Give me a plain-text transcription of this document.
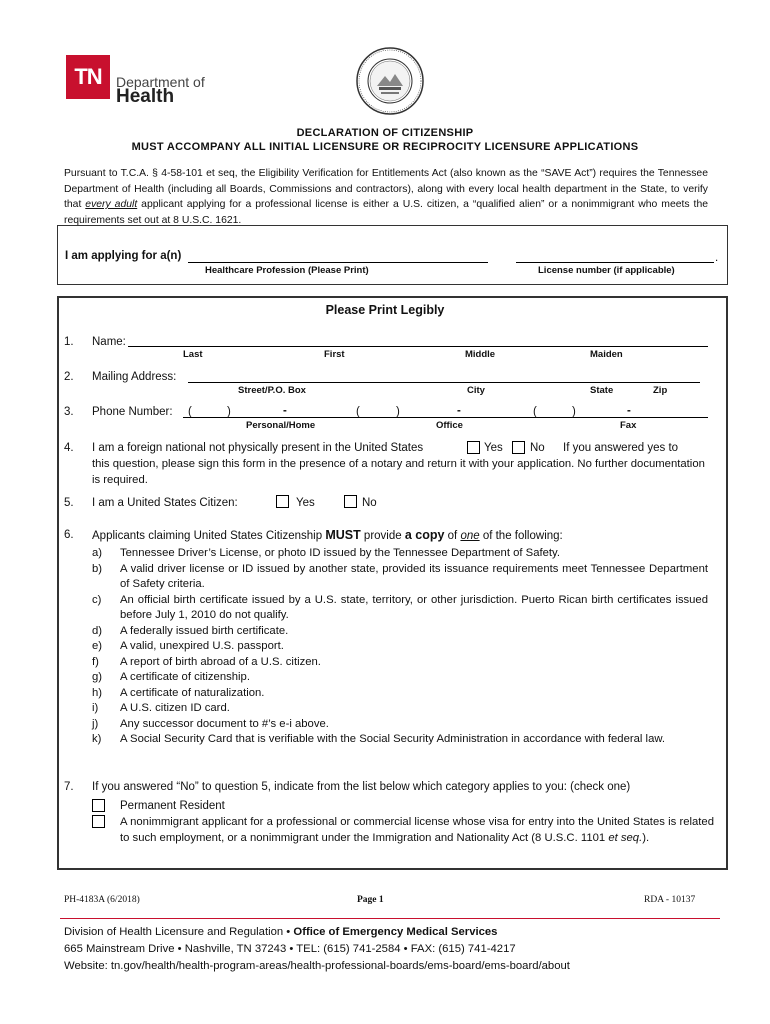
TN	Department of
Health
DECLARATION OF CITIZENSHIP
MUST ACCOMPANY ALL INITIAL LICENSURE OR RECIPROCITY LICENSURE APPLICATIONS
Pursuant to T.C.A. § 4-58-101 et seq, the Eligibility Verification for Entitlements Act (also known as the “SAVE Act”) requires the Tennessee Department of Health (including all Boards, Commissions and contractors), along with every local health department in the State, to verify that every adult applicant applying for a professional license is either a U.S. citizen, a “qualified alien” or a nonimmigrant who meets the requirements set out at 8 U.S.C. 1621.
I am applying for a(n)	.
Healthcare Profession (Please Print)	License number (if applicable)
Please Print Legibly
1. Name:
Last	First	Middle	Maiden
2. Mailing Address:
Street/P.O. Box	City	State	Zip
3. Phone Number: (	)	-	(	)	-	(	)	-
Personal/Home	Office	Fax
4. I am a foreign national not physically present in the United States	Yes No If you answered yes to
this question, please sign this form in the presence of a notary and return it with your application. No further documentation is required.
5. I am a United States Citizen:	Yes	No
6. Applicants claiming United States Citizenship MUST provide a copy of one of the following:
a)	Tennessee Driver’s License, or photo ID issued by the Tennessee Department of Safety.
b)	A valid driver license or ID issued by another state, provided its issuance requirements meet Tennessee Department of Safety criteria.
c)	An official birth certificate issued by a U.S. state, territory, or other jurisdiction. Puerto Rican birth certificates issued before July 1, 2010 do not qualify.
d)	A federally issued birth certificate.
e)	A valid, unexpired U.S. passport.
f)	A report of birth abroad of a U.S. citizen.
g)	A certificate of citizenship.
h)	A certificate of naturalization.
i)	A U.S. citizen ID card.
j)	Any successor document to #’s e-i above.
k)	A Social Security Card that is verifiable with the Social Security Administration in accordance with federal law.
7. If you answered “No” to question 5, indicate from the list below which category applies to you: (check one)
Permanent Resident
A nonimmigrant applicant for a professional or commercial license whose visa for entry into the United States is related to such employment, or a nonimmigrant under the Immigration and Nationality Act (8 U.S.C. 1101 et seq.).
PH-4183A (6/2018)	Page 1	RDA - 10137
Division of Health Licensure and Regulation • Office of Emergency Medical Services
665 Mainstream Drive • Nashville, TN 37243 • TEL: (615) 741-2584 • FAX: (615) 741-4217
Website: tn.gov/health/health-program-areas/health-professional-boards/ems-board/ems-board/about
